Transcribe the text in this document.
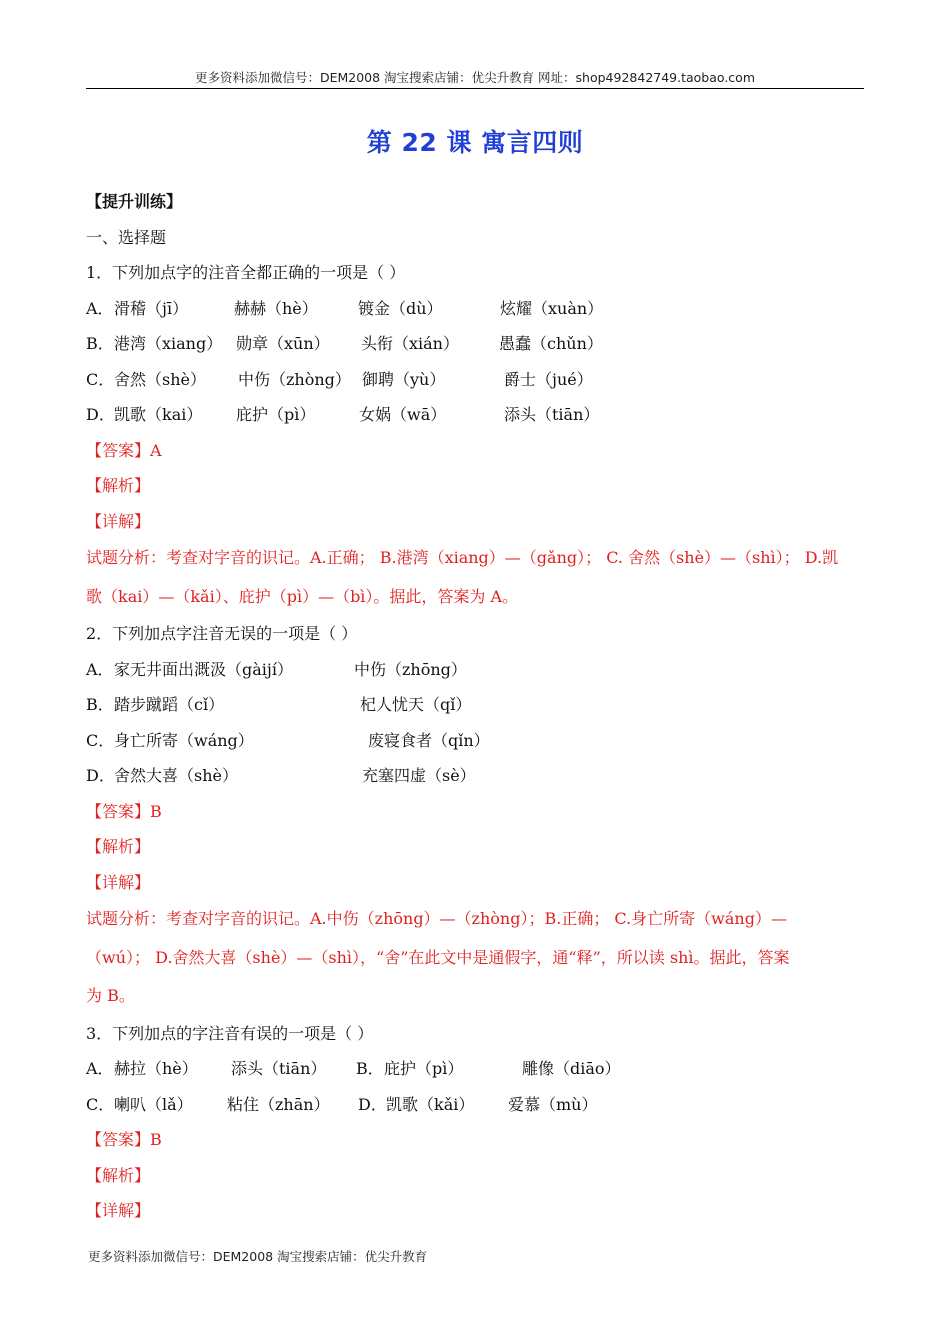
更多资料添加微信号：DEM2008 淘宝搜索店铺：优尖升教育 网址：shop492842749.taobao.com
第 22 课 寓言四则
【提升训练】
一、选择题
1．下列加点字的注音全都正确的一项是（ ）
A． 滑稽（jī）	赫赫（hè）	镀金（dù）	炫耀（xuàn）
B． 港湾（xiang） 勋章（xūn） 头衔（xián）	愚蠢（chǔn）
C． 舍然（shè） 中伤（zhòng） 御聘（yù）	爵士（jué）
D． 凯歌（kai） 庇护（pì）	女娲（wā）	添头（tiān）
【答案】A
【解析】
【详解】
试题分析：考查对字音的识记。A.正确； B.港湾（xiang）—（gǎng）； C. 舍然（shè）—（shì）； D.凯
歌（kai）—（kǎi）、庇护（pì）—（bì）。据此，答案为 A。
2．下列加点字注音无误的一项是（ ）
A． 家无井面出溉汲（gàijí）	中伤（zhōng）
B． 踏步蹴蹈（cǐ）	杞人忧天（qǐ）
C． 身亡所寄（wáng）	废寝食者（qǐn）
D． 舍然大喜（shè）	充塞四虚（sè）
【答案】B
【解析】
【详解】
试题分析：考查对字音的识记。A.中伤（zhōng）—（zhòng）；B.正确； C.身亡所寄（wáng）—
（wú）； D.舍然大喜（shè）—（shì），“舍”在此文中是通假字，通“释”，所以读 shì。据此，答案
为 B。
3．下列加点的字注音有误的一项是（ ）
A． 赫拉（hè） 添头（tiān） B． 庇护（pì）	雕像（diāo）
C． 喇叭（lǎ） 粘住（zhān） D． 凯歌（kǎi） 爱慕（mù）
【答案】B
【解析】
【详解】
更多资料添加微信号：DEM2008 淘宝搜索店铺：优尖升教育
